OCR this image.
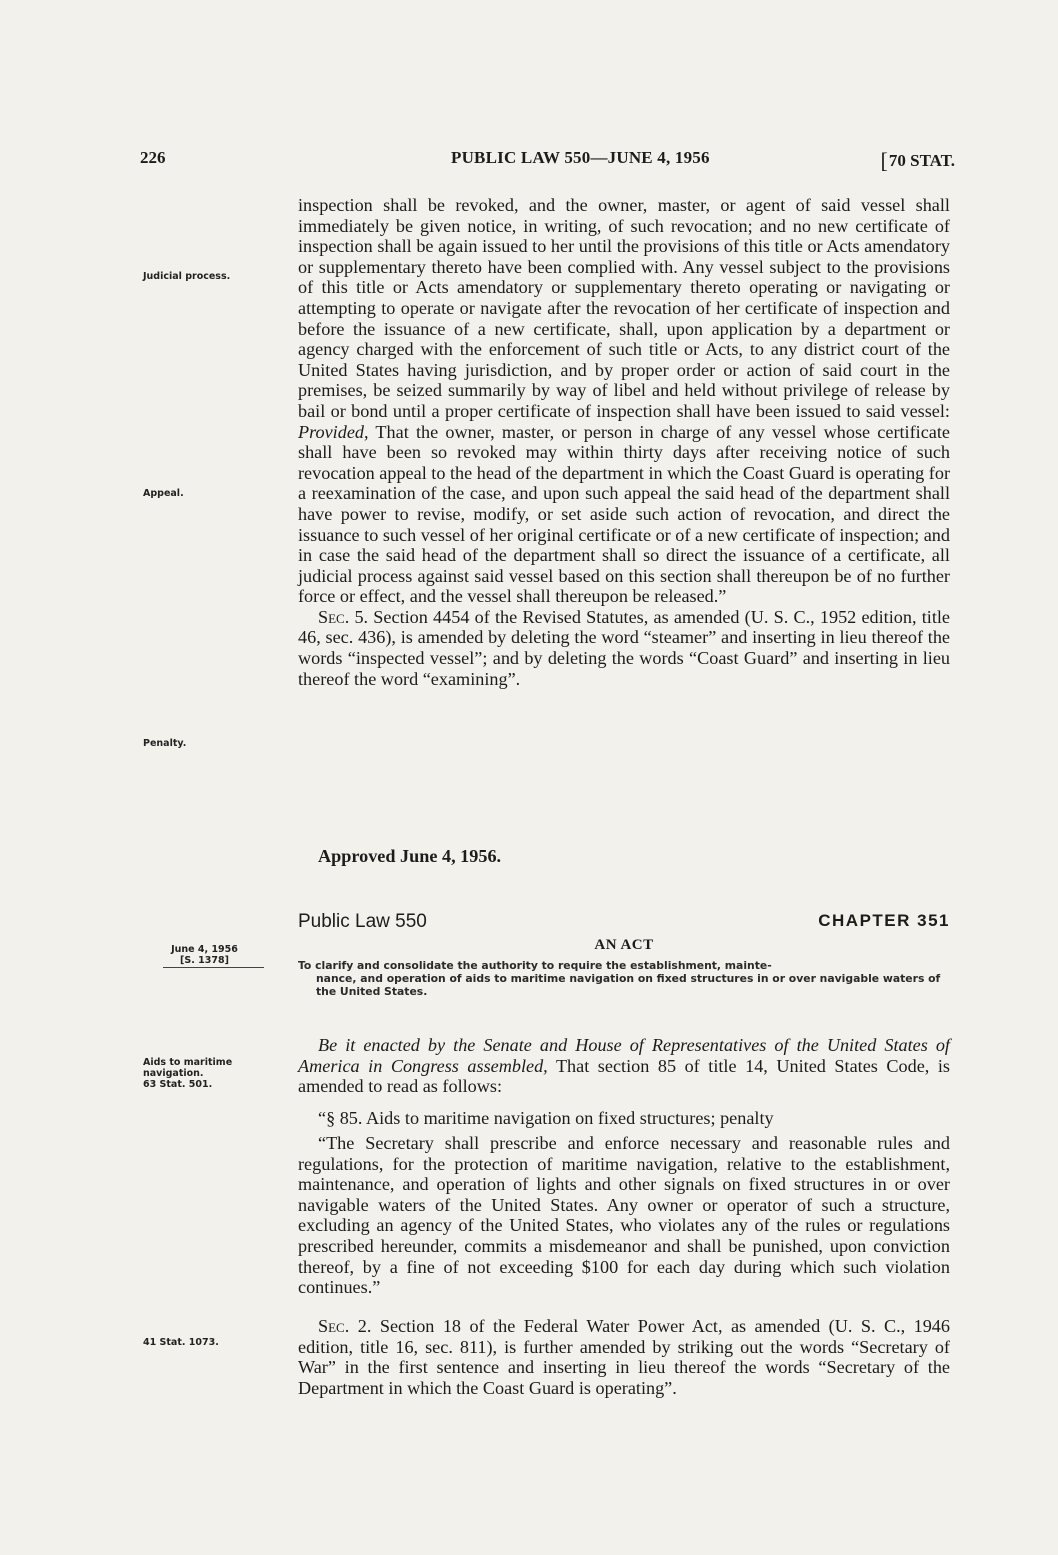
226	PUBLIC LAW 550—JUNE 4, 1956	[70 STAT.
Judicial process.
Appeal.
Penalty.
inspection shall be revoked, and the owner, master, or agent of said vessel shall immediately be given notice, in writing, of such revocation; and no new certificate of inspection shall be again issued to her until the provisions of this title or Acts amendatory or supplementary thereto have been complied with. Any vessel subject to the provisions of this title or Acts amendatory or supplementary thereto operating or navigating or attempting to operate or navigate after the revocation of her certificate of inspection and before the issuance of a new certificate, shall, upon application by a department or agency charged with the enforcement of such title or Acts, to any district court of the United States having jurisdiction, and by proper order or action of said court in the premises, be seized summarily by way of libel and held without privilege of release by bail or bond until a proper certificate of inspection shall have been issued to said vessel: Provided, That the owner, master, or person in charge of any vessel whose certificate shall have been so revoked may within thirty days after receiving notice of such revocation appeal to the head of the department in which the Coast Guard is operating for a reexamination of the case, and upon such appeal the said head of the department shall have power to revise, modify, or set aside such action of revocation, and direct the issuance to such vessel of her original certificate or of a new certificate of inspection; and in case the said head of the department shall so direct the issuance of a certificate, all judicial process against said vessel based on this section shall thereupon be of no further force or effect, and the vessel shall thereupon be released.”
Sec. 5. Section 4454 of the Revised Statutes, as amended (U. S. C., 1952 edition, title 46, sec. 436), is amended by deleting the word “steamer” and inserting in lieu thereof the words “inspected vessel”; and by deleting the words “Coast Guard” and inserting in lieu thereof the word “examining”.
Approved June 4, 1956.
Public Law 550	CHAPTER 351
AN ACT
June 4, 1956
[S. 1378]	To clarify and consolidate the authority to require the establishment, mainte-
nance, and operation of aids to maritime navigation on fixed structures in or over navigable waters of the United States.
Aids to maritime
navigation.
63 Stat. 501.
Be it enacted by the Senate and House of Representatives of the United States of America in Congress assembled, That section 85 of title 14, United States Code, is amended to read as follows:
“§ 85. Aids to maritime navigation on fixed structures; penalty
“The Secretary shall prescribe and enforce necessary and reasonable rules and regulations, for the protection of maritime navigation, relative to the establishment, maintenance, and operation of lights and other signals on fixed structures in or over navigable waters of the United States. Any owner or operator of such a structure, excluding an agency of the United States, who violates any of the rules or regulations prescribed hereunder, commits a misdemeanor and shall be punished, upon conviction thereof, by a fine of not exceeding $100 for each day during which such violation continues.”
41 Stat. 1073.
Sec. 2. Section 18 of the Federal Water Power Act, as amended (U. S. C., 1946 edition, title 16, sec. 811), is further amended by striking out the words “Secretary of War” in the first sentence and inserting in lieu thereof the words “Secretary of the Department in which the Coast Guard is operating”.
